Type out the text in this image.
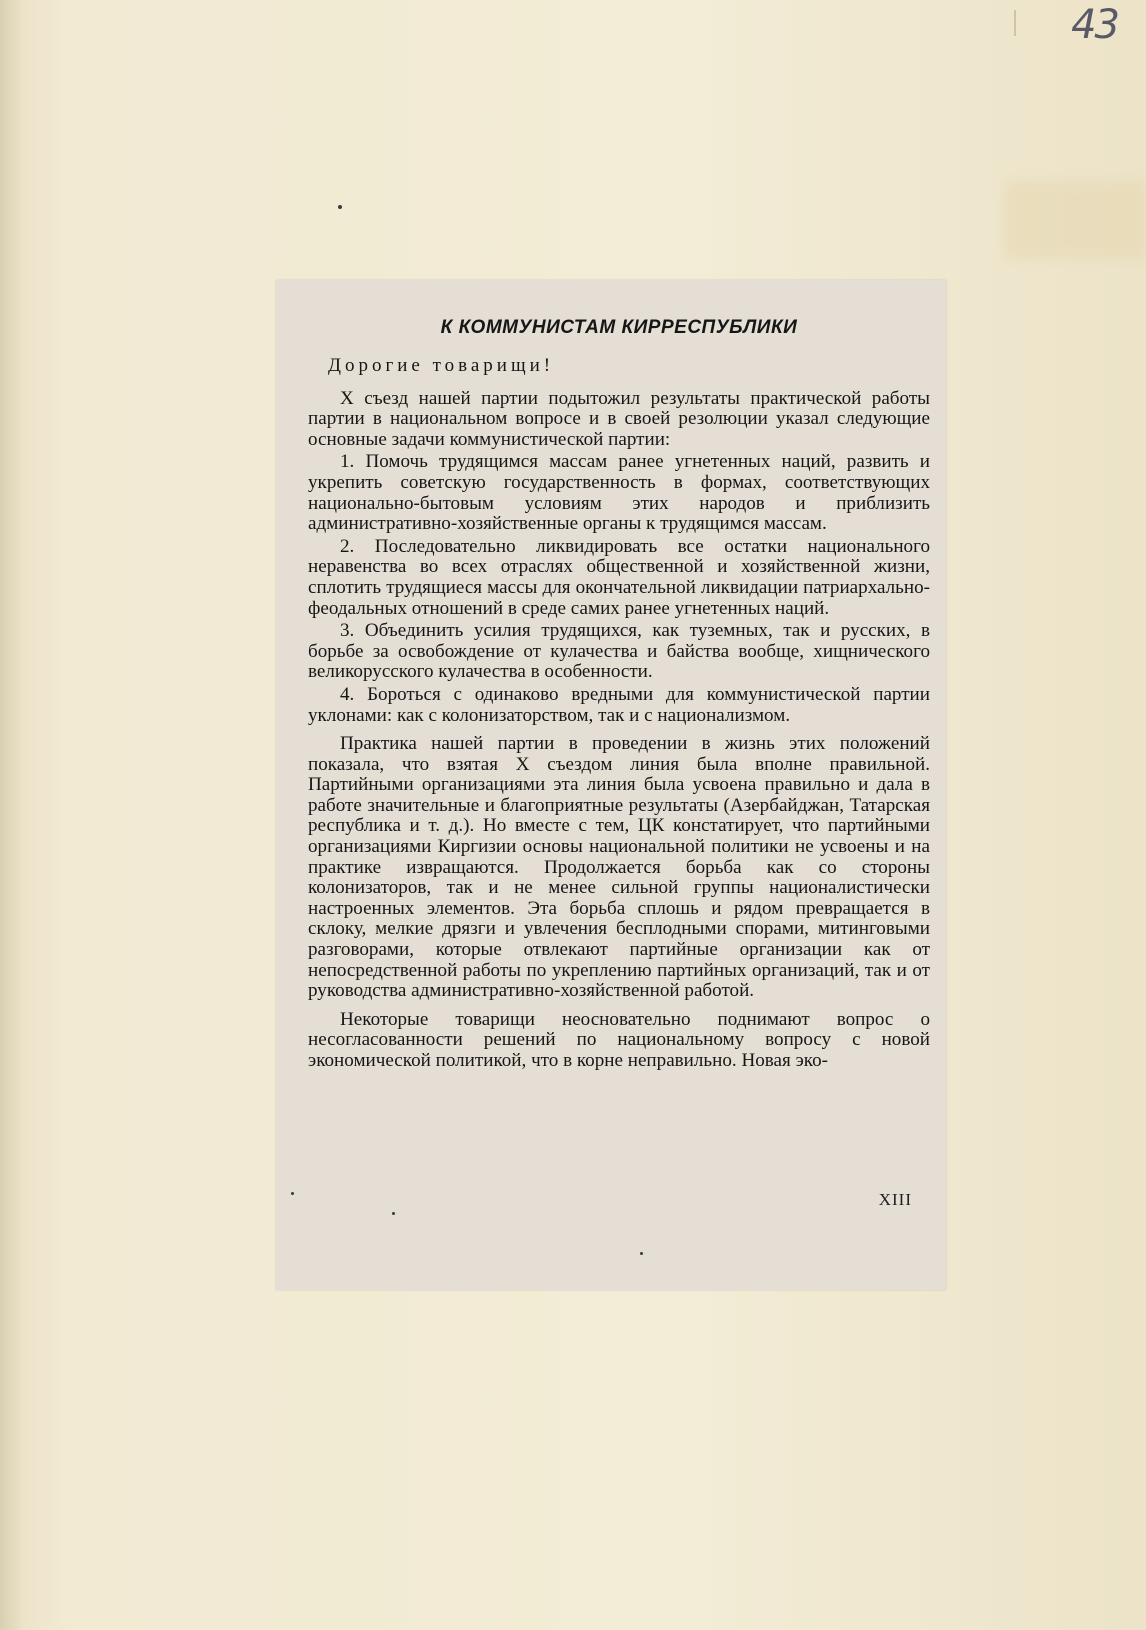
43
К КОММУНИСТАМ КИРРЕСПУБЛИКИ
Дорогие товарищи!

X съезд нашей партии подытожил результаты практической работы партии в национальном вопросе и в своей резолюции указал следующие основные задачи коммунистической партии:

1. Помочь трудящимся массам ранее угнетенных наций, развить и укрепить советскую государственность в формах, соответствующих национально-бытовым условиям этих народов и приблизить административно-хозяйственные органы к трудящимся массам.

2. Последовательно ликвидировать все остатки национального неравенства во всех отраслях общественной и хозяйственной жизни, сплотить трудящиеся массы для окончательной ликвидации патриархально-феодальных отношений в среде самих ранее угнетенных наций.

3. Объединить усилия трудящихся, как туземных, так и русских, в борьбе за освобождение от кулачества и байства вообще, хищнического великорусского кулачества в особенности.

4. Бороться с одинаково вредными для коммунистической партии уклонами: как с колонизаторством, так и с национализмом.

Практика нашей партии в проведении в жизнь этих положений показала, что взятая X съездом линия была вполне правильной. Партийными организациями эта линия была усвоена правильно и дала в работе значительные и благоприятные результаты (Азербайджан, Татарская республика и т. д.). Но вместе с тем, ЦК констатирует, что партийными организациями Киргизии основы национальной политики не усвоены и на практике извращаются. Продолжается борьба как со стороны колонизаторов, так и не менее сильной группы националистически настроенных элементов. Эта борьба сплошь и рядом превращается в склоку, мелкие дрязги и увлечения бесплодными спорами, митинговыми разговорами, которые отвлекают партийные организации как от непосредственной работы по укреплению партийных организаций, так и от руководства административно-хозяйственной работой.

Некоторые товарищи неосновательно поднимают вопрос о несогласованности решений по национальному вопросу с новой экономической политикой, что в корне неправильно. Новая эко-

XIII
